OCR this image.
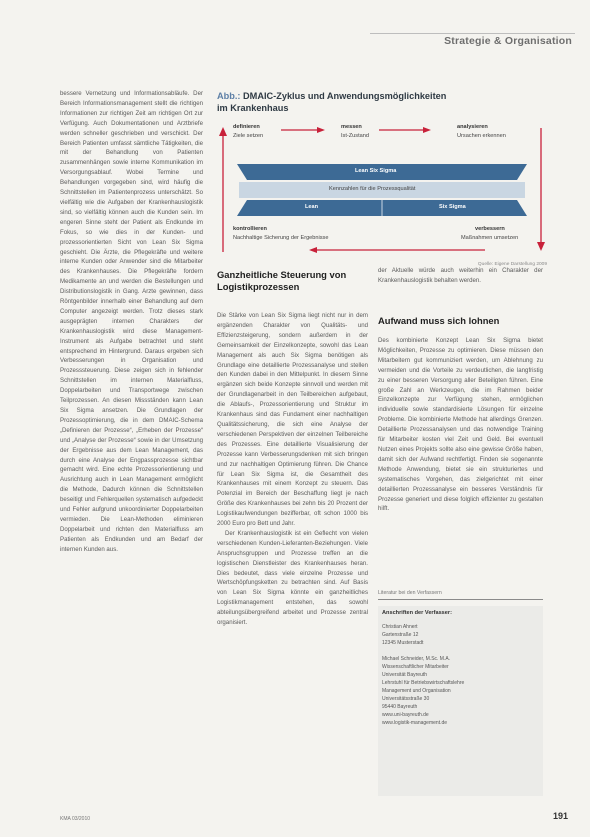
Strategie & Organisation

bessere Vernetzung und Informationsabläufe. Der Bereich Informationsmanagement stellt die richtigen Informationen zur richtigen Zeit am richtigen Ort zur Verfügung. Auch Dokumentationen und Arztbriefe werden schneller geschrieben und verschickt. Der Bereich Patienten umfasst sämtliche Tätigkeiten, die mit der Behandlung von Patienten zusammenhängen sowie interne Kommunikation im Versorgungsablauf. Wobei Termine und Behandlungen vorgegeben sind, wird häufig die Schnittstellen im Patientenprozess unterschätzt. So vielfältig wie die Aufgaben der Krankenhauslogistik sind, so vielfältig können auch die Kunden sein. Im engeren Sinne steht der Patient als Endkunde im Fokus, so wie dies in der Kunden- und prozessorientierten Sicht von Lean Six Sigma geschieht. Die Ärzte, die Pflegekräfte und weitere interne Kunden oder Anwender sind die Mitarbeiter des Krankenhauses. Die Pflegekräfte fordern Medikamente an und werden die Bestellungen und Distributionslogistik in Gang. Arzte gewinnen, dass Röntgenbilder innerhalb einer Behandlung auf dem Computer angezeigt werden. Trotz dieses stark ausgeprägten internen Charakters der Krankenhauslogistik wird diese Management-Instrument als Aufgabe betrachtet und steht entsprechend im Hintergrund. Daraus ergeben sich Verbesserungen in Organisation und Prozesssteuerung. Diese zeigen sich in fehlender Schnittstellen im internen Materialfluss, Doppelarbeiten und Transportwege zwischen Teilprozessen. An diesen Missständen kann Lean Six Sigma ansetzen. Die Grundlagen der Prozessoptimierung, die in dem DMAIC-Schema „Definieren der Prozesse“, „Erheben der Prozesse“ und „Analyse der Prozesse“ sowie in der Umsetzung der Ergebnisse aus dem Lean Management, das durch eine Analyse der Engpassprozesse sichtbar gemacht wird. Eine echte Prozessorientierung und Ausrichtung auch in Lean Management ermöglicht die Methode, Dadurch können die Schnittstellen beseitigt und Fehlerquellen systematisch aufgedeckt und Fehler aufgrund unkoordinierter Doppelarbeiten vermieden. Die Lean-Methoden eliminieren Doppelarbeit und richten den Materialfluss am Patienten als Endkunden und am Bedarf der internen Kunden aus.

Abb.: DMAIC-Zyklus und Anwendungsmöglichkeiten
im Krankenhaus
definieren
Ziele setzen
messen
Ist-Zustand
analysieren
Ursachen erkennen
Lean Six Sigma
Kennzahlen für die Prozessqualität
Lean	Six Sigma
kontrollieren
Nachhaltige Sicherung der Ergebnisse
verbessern
Maßnahmen umsetzen
Quelle: Eigene Darstellung 2009
Ganzheitliche Steuerung von Logistikprozessen

Die Stärke von Lean Six Sigma liegt nicht nur in dem ergänzenden Charakter von Qualitäts- und Effizienzsteigerung, sondern außerdem in der Gemeinsamkeit der Einzelkonzepte, sowohl das Lean Management als auch Six Sigma benötigen als Grundlage eine detaillierte Prozessanalyse und stellen den Kunden dabei in den Mittelpunkt. In diesem Sinne ergänzen sich beide Konzepte sinnvoll und werden mit der Grundlagenarbeit in den Teilbereichen aufgebaut, die Ablaufs-, Prozessorientierung und Struktur im Krankenhaus sind das Fundament einer nachhaltigen Qualitätssicherung, die sich eine Analyse der verschiedenen Perspektiven der einzelnen Teilbereiche des Prozesses. Eine detaillierte Visualisierung der Prozesse kann Verbesserungsdenken mit sich bringen und zur nachhaltigen Optimierung führen. Die Chance für Lean Six Sigma ist, die Gesamtheit des Krankenhauses mit einem Konzept zu steuern. Das Potenzial im Bereich der Beschaffung liegt je nach Größe des Krankenhauses bei zehn bis 20 Prozent der Logistikaufwendungen bezifferbar, oft schon 1000 bis 2000 Euro pro Bett und Jahr.

Der Krankenhauslogistik ist ein Geflecht von vielen verschiedenen Kunden-Lieferanten-Beziehungen. Viele Anspruchsgruppen und Prozesse treffen an die logistischen Dienstleister des Krankenhauses heran. Dies bedeutet, dass viele einzelne Prozesse und Wertschöpfungsketten zu betrachten sind. Auf Basis von Lean Six Sigma könnte ein ganzheitliches Logistikmanagement entstehen, das sowohl abteilungsübergreifend arbeitet und Prozesse zentral organisiert.

der Aktuelle würde auch weiterhin ein Charakter der Krankenhauslogistik behalten werden.

Aufwand muss sich lohnen

Des kombinierte Konzept Lean Six Sigma bietet Möglichkeiten, Prozesse zu optimieren. Diese müssen den Mitarbeitern gut kommuniziert werden, um Ablehnung zu vermeiden und die Vorteile zu verdeutlichen, die langfristig zu einer besseren Versorgung aller Beteiligten führen. Eine große Zahl an Werkzeugen, die im Rahmen beider Einzelkonzepte zur Verfügung stehen, ermöglichen individuelle sowie standardisierte Lösungen für einzelne Probleme. Die kombinierte Methode hat allerdings Grenzen. Detaillierte Prozessanalysen und das notwendige Training für Mitarbeiter kosten viel Zeit und Geld. Bei eventuell Nutzen eines Projekts sollte also eine gewisse Größe haben, damit sich der Aufwand rechtfertigt. Finden sie sogenannte Methode Anwendung, bietet sie ein strukturiertes und systematisches Vorgehen, das zielgerichtet mit einer detaillierten Prozessanalyse ein besseres Verständnis für Prozesse generiert und diese folglich effizienter zu gestalten hilft.

Literatur bei den Verfassern
Anschriften der Verfasser:
Christian Ahnert
Gartenstraße 12
12345 Musterstadt
Michael Schneider, M.Sc. M.A.
Wissenschaftlicher Mitarbeiter
Universität Bayreuth
Lehrstuhl für Betriebswirtschaftslehre
Management und Organisation
Universitätsstraße 30
95440 Bayreuth
www.uni-bayreuth.de
www.logistik-management.de
KMA 03/2010	191
